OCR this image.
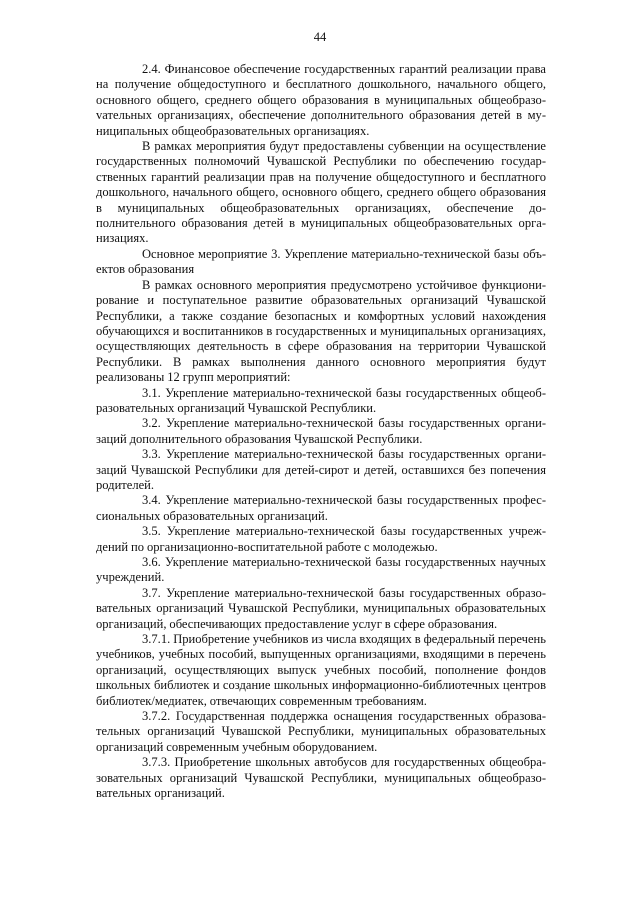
44

2.4. Финансовое обеспечение государственных гарантий реализации права на получение общедоступного и бесплатного дошкольного, начального общего, основного общего, среднего общего образования в муниципальных общеобразоvательных организациях, обеспечение дополнительного образования детей в муниципальных общеобразовательных организациях.

В рамках мероприятия будут предоставлены субвенции на осуществление государственных полномочий Чувашской Республики по обеспечению государственных гарантий реализации прав на получение общедоступного и бесплатного дошкольного, начального общего, основного общего, среднего общего образования в муниципальных общеобразовательных организациях, обеспечение дополнительного образования детей в муниципальных общеобразовательных организациях.

Основное мероприятие 3. Укрепление материально-технической базы объектов образования

В рамках основного мероприятия предусмотрено устойчивое функционирование и поступательное развитие образовательных организаций Чувашской Республики, а также создание безопасных и комфортных условий нахождения обучающихся и воспитанников в государственных и муниципальных организациях, осуществляющих деятельность в сфере образования на территории Чувашской Республики. В рамках выполнения данного основного мероприятия будут реализованы 12 групп мероприятий:

3.1. Укрепление материально-технической базы государственных общеобразовательных организаций Чувашской Республики.

3.2. Укрепление материально-технической базы государственных организаций дополнительного образования Чувашской Республики.

3.3. Укрепление материально-технической базы государственных организаций Чувашской Республики для детей-сирот и детей, оставшихся без попечения родителей.

3.4. Укрепление материально-технической базы государственных профессиональных образовательных организаций.

3.5. Укрепление материально-технической базы государственных учреждений по организационно-воспитательной работе с молодежью.

3.6. Укрепление материально-технической базы государственных научных учреждений.

3.7. Укрепление материально-технической базы государственных образовательных организаций Чувашской Республики, муниципальных образовательных организаций, обеспечивающих предоставление услуг в сфере образования.

3.7.1. Приобретение учебников из числа входящих в федеральный перечень учебников, учебных пособий, выпущенных организациями, входящими в перечень организаций, осуществляющих выпуск учебных пособий, пополнение фондов школьных библиотек и создание школьных информационно-библиотечных центров библиотек/медиатек, отвечающих современным требованиям.

3.7.2. Государственная поддержка оснащения государственных образовательных организаций Чувашской Республики, муниципальных образовательных организаций современным учебным оборудованием.

3.7.3. Приобретение школьных автобусов для государственных общеобразовательных организаций Чувашской Республики, муниципальных общеобразовательных организаций.
